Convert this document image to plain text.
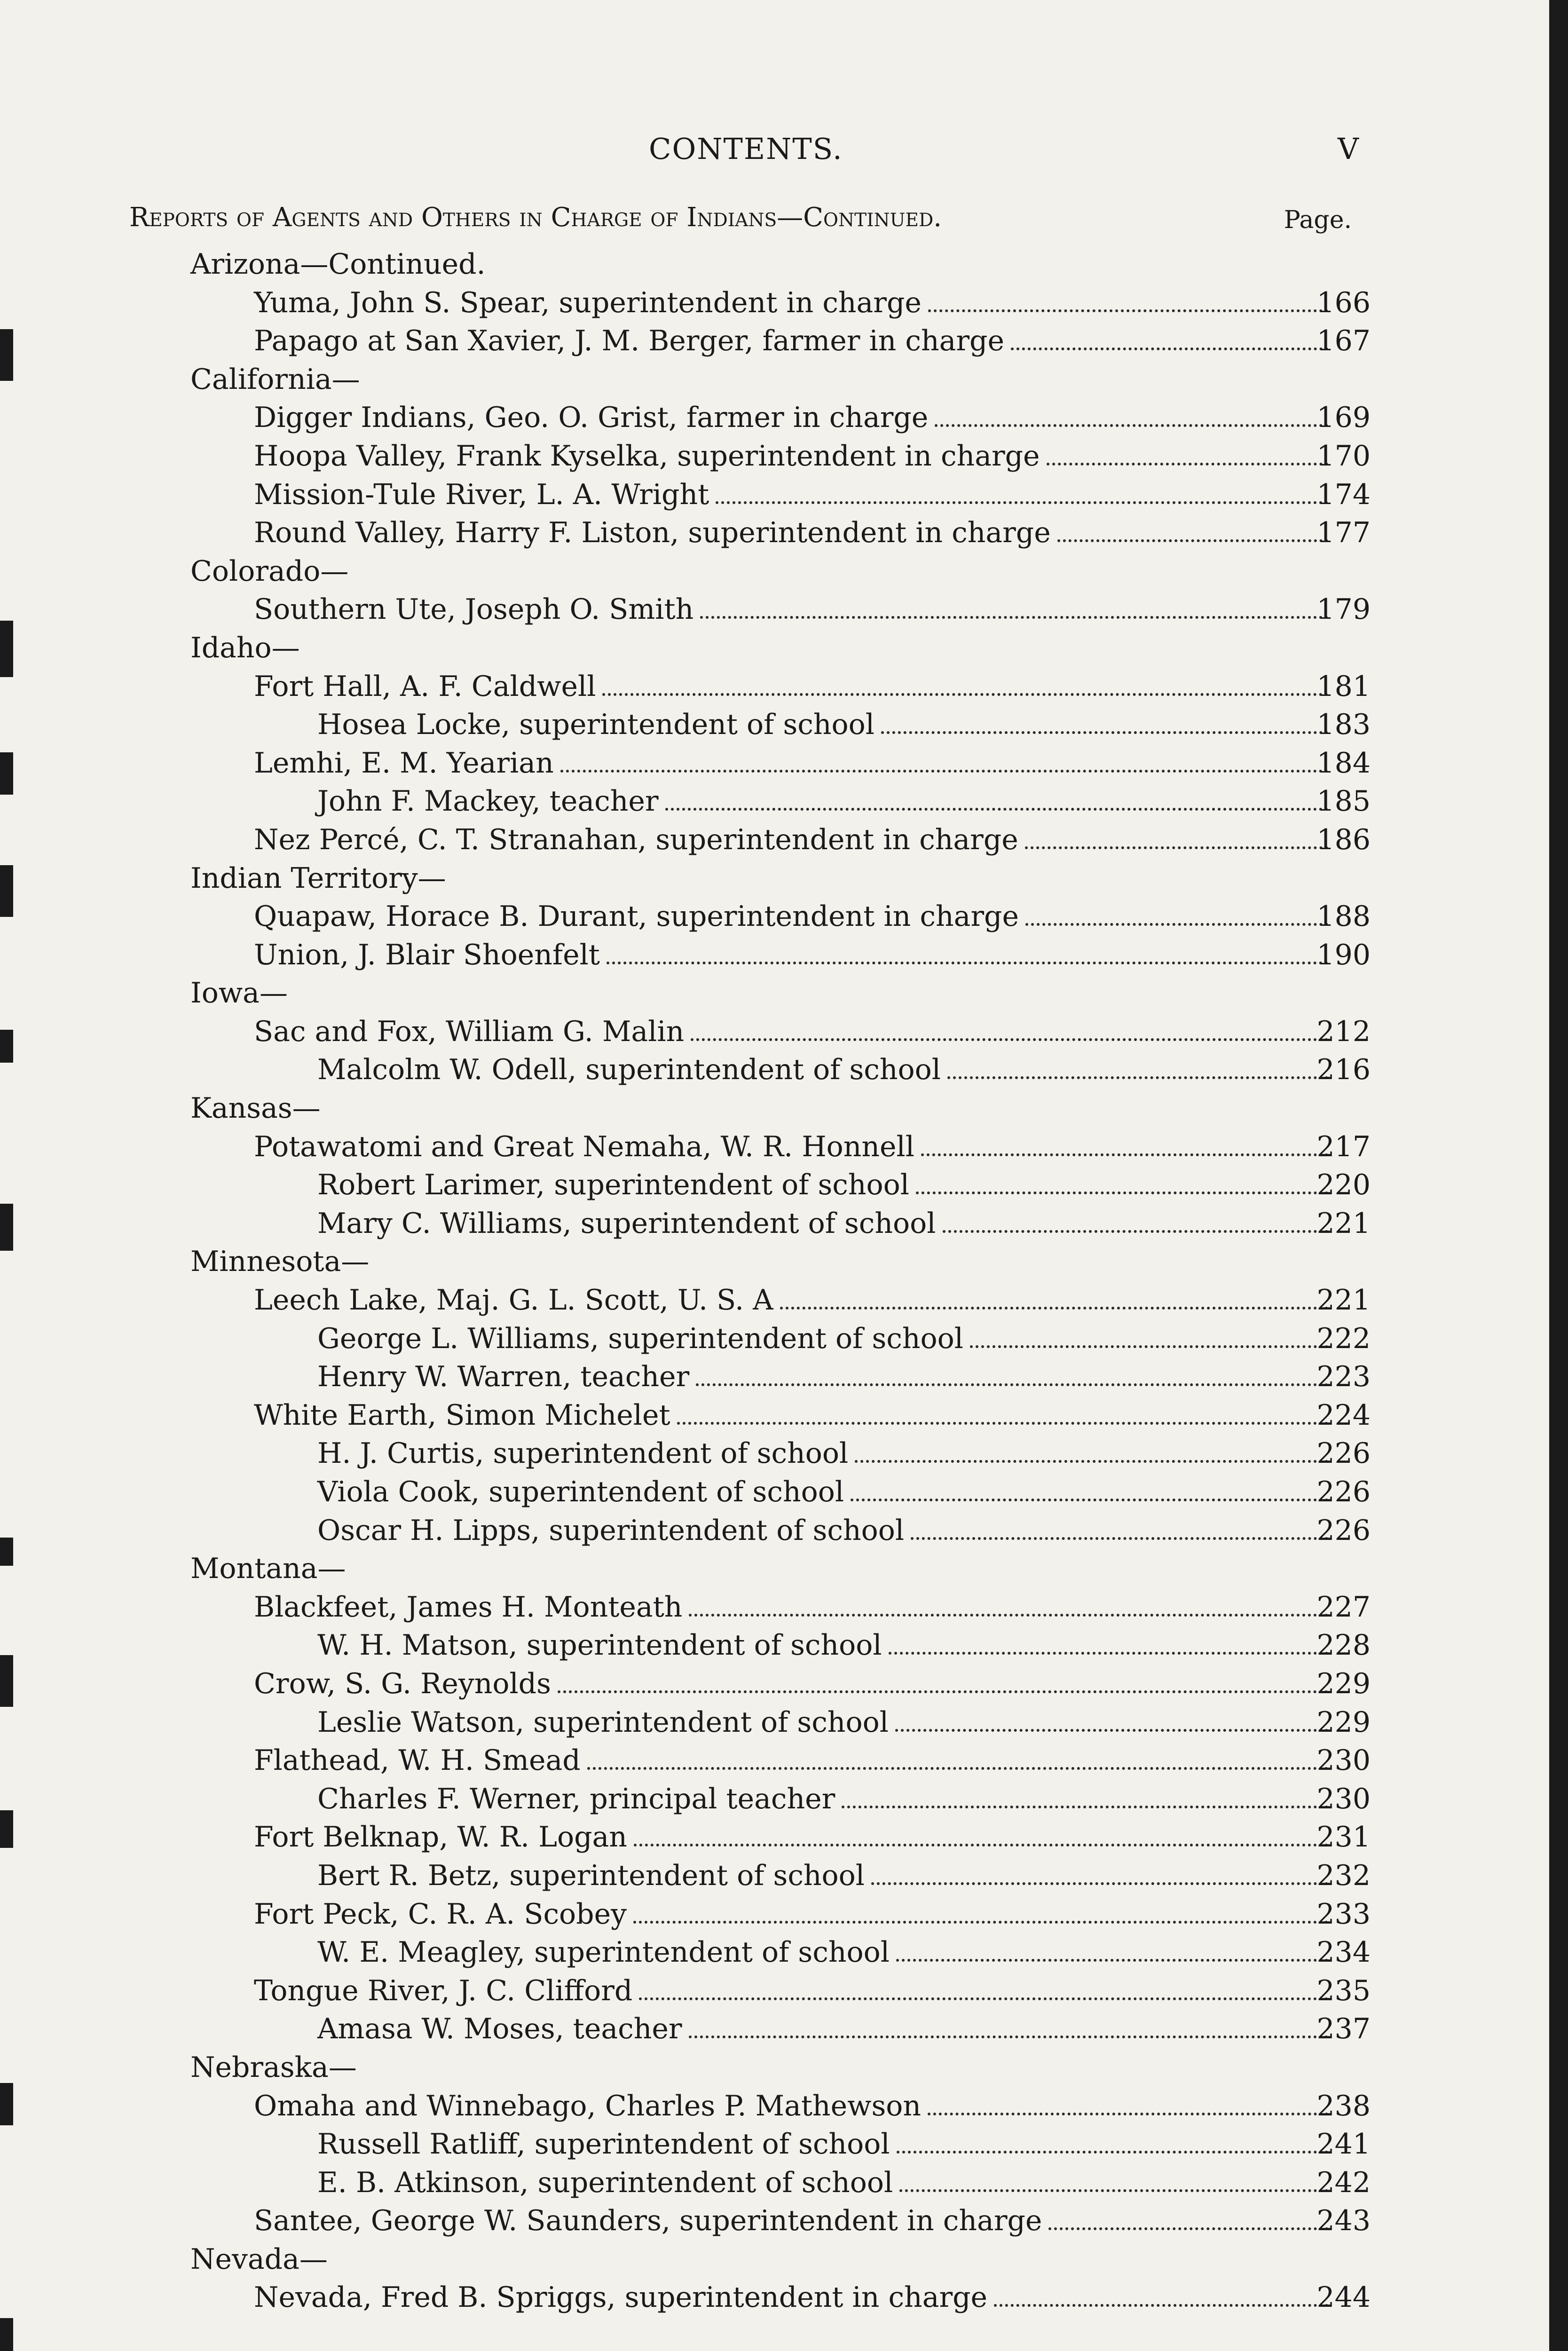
CONTENTS.	V
Reports of Agents and Others in Charge of Indians—Continued.	Page.
Arizona—Continued.
Yuma, John S. Spear, superintendent in charge	166
Papago at San Xavier, J. M. Berger, farmer in charge	167
California—
Digger Indians, Geo. O. Grist, farmer in charge	169
Hoopa Valley, Frank Kyselka, superintendent in charge	170
Mission-Tule River, L. A. Wright	174
Round Valley, Harry F. Liston, superintendent in charge	177
Colorado—
Southern Ute, Joseph O. Smith	179
Idaho—
Fort Hall, A. F. Caldwell	181
Hosea Locke, superintendent of school	183
Lemhi, E. M. Yearian	184
John F. Mackey, teacher	185
Nez Percé, C. T. Stranahan, superintendent in charge	186
Indian Territory—
Quapaw, Horace B. Durant, superintendent in charge	188
Union, J. Blair Shoenfelt	190
Iowa—
Sac and Fox, William G. Malin	212
Malcolm W. Odell, superintendent of school	216
Kansas—
Potawatomi and Great Nemaha, W. R. Honnell	217
Robert Larimer, superintendent of school	220
Mary C. Williams, superintendent of school	221
Minnesota—
Leech Lake, Maj. G. L. Scott, U. S. A	221
George L. Williams, superintendent of school	222
Henry W. Warren, teacher	223
White Earth, Simon Michelet	224
H. J. Curtis, superintendent of school	226
Viola Cook, superintendent of school	226
Oscar H. Lipps, superintendent of school	226
Montana—
Blackfeet, James H. Monteath	227
W. H. Matson, superintendent of school	228
Crow, S. G. Reynolds	229
Leslie Watson, superintendent of school	229
Flathead, W. H. Smead	230
Charles F. Werner, principal teacher	230
Fort Belknap, W. R. Logan	231
Bert R. Betz, superintendent of school	232
Fort Peck, C. R. A. Scobey	233
W. E. Meagley, superintendent of school	234
Tongue River, J. C. Clifford	235
Amasa W. Moses, teacher	237
Nebraska—
Omaha and Winnebago, Charles P. Mathewson	238
Russell Ratliff, superintendent of school	241
E. B. Atkinson, superintendent of school	242
Santee, George W. Saunders, superintendent in charge	243
Nevada—
Nevada, Fred B. Spriggs, superintendent in charge	244
